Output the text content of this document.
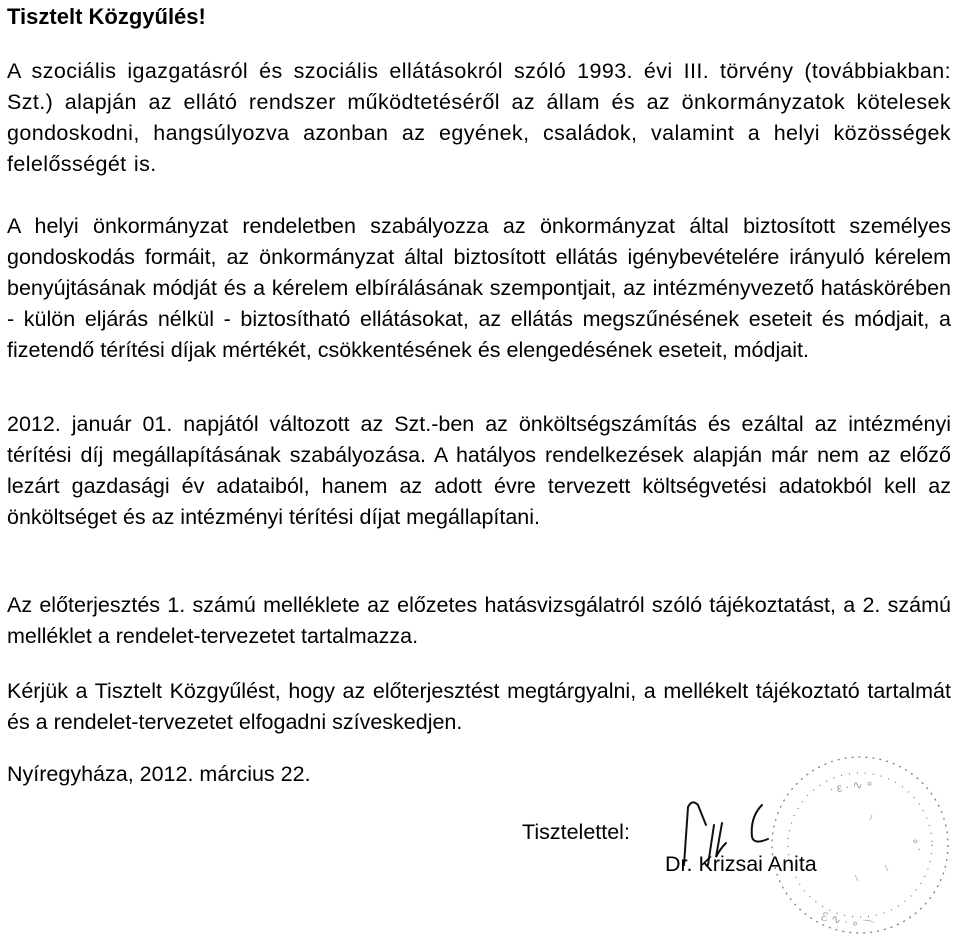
Tisztelt Közgyűlés!
A szociális igazgatásról és szociális ellátásokról szóló 1993. évi III. törvény (továbbiakban: Szt.) alapján az ellátó rendszer működtetéséről az állam és az önkormányzatok kötelesek gondoskodni, hangsúlyozva azonban az egyének, családok, valamint a helyi közösségek felelősségét is.
A helyi önkormányzat rendeletben szabályozza az önkormányzat által biztosított személyes gondoskodás formáit, az önkormányzat által biztosított ellátás igénybevételére irányuló kérelem benyújtásának módját és a kérelem elbírálásának szempontjait, az intézményvezető hatáskörében - külön eljárás nélkül - biztosítható ellátásokat, az ellátás megszűnésének eseteit és módjait, a fizetendő térítési díjak mértékét, csökkentésének és elengedésének eseteit, módjait.
2012. január 01. napjától változott az Szt.-ben az önköltségszámítás és ezáltal az intézményi térítési díj megállapításának szabályozása. A hatályos rendelkezések alapján már nem az előző lezárt gazdasági év adataiból, hanem az adott évre tervezett költségvetési adatokból kell az önköltséget és az intézményi térítési díjat megállapítani.
Az előterjesztés 1. számú melléklete az előzetes hatásvizsgálatról szóló tájékoztatást, a 2. számú melléklet a rendelet-tervezetet tartalmazza.
Kérjük a Tisztelt Közgyűlést, hogy az előterjesztést megtárgyalni, a mellékelt tájékoztató tartalmát és a rendelet-tervezetet elfogadni szíveskedjen.
Nyíregyháza, 2012. március 22.
Tisztelettel:
· ε · ∿ ∘
ℰ ∿ · ∘ ⌒
∘ ·
Dr. Krizsai Anita
